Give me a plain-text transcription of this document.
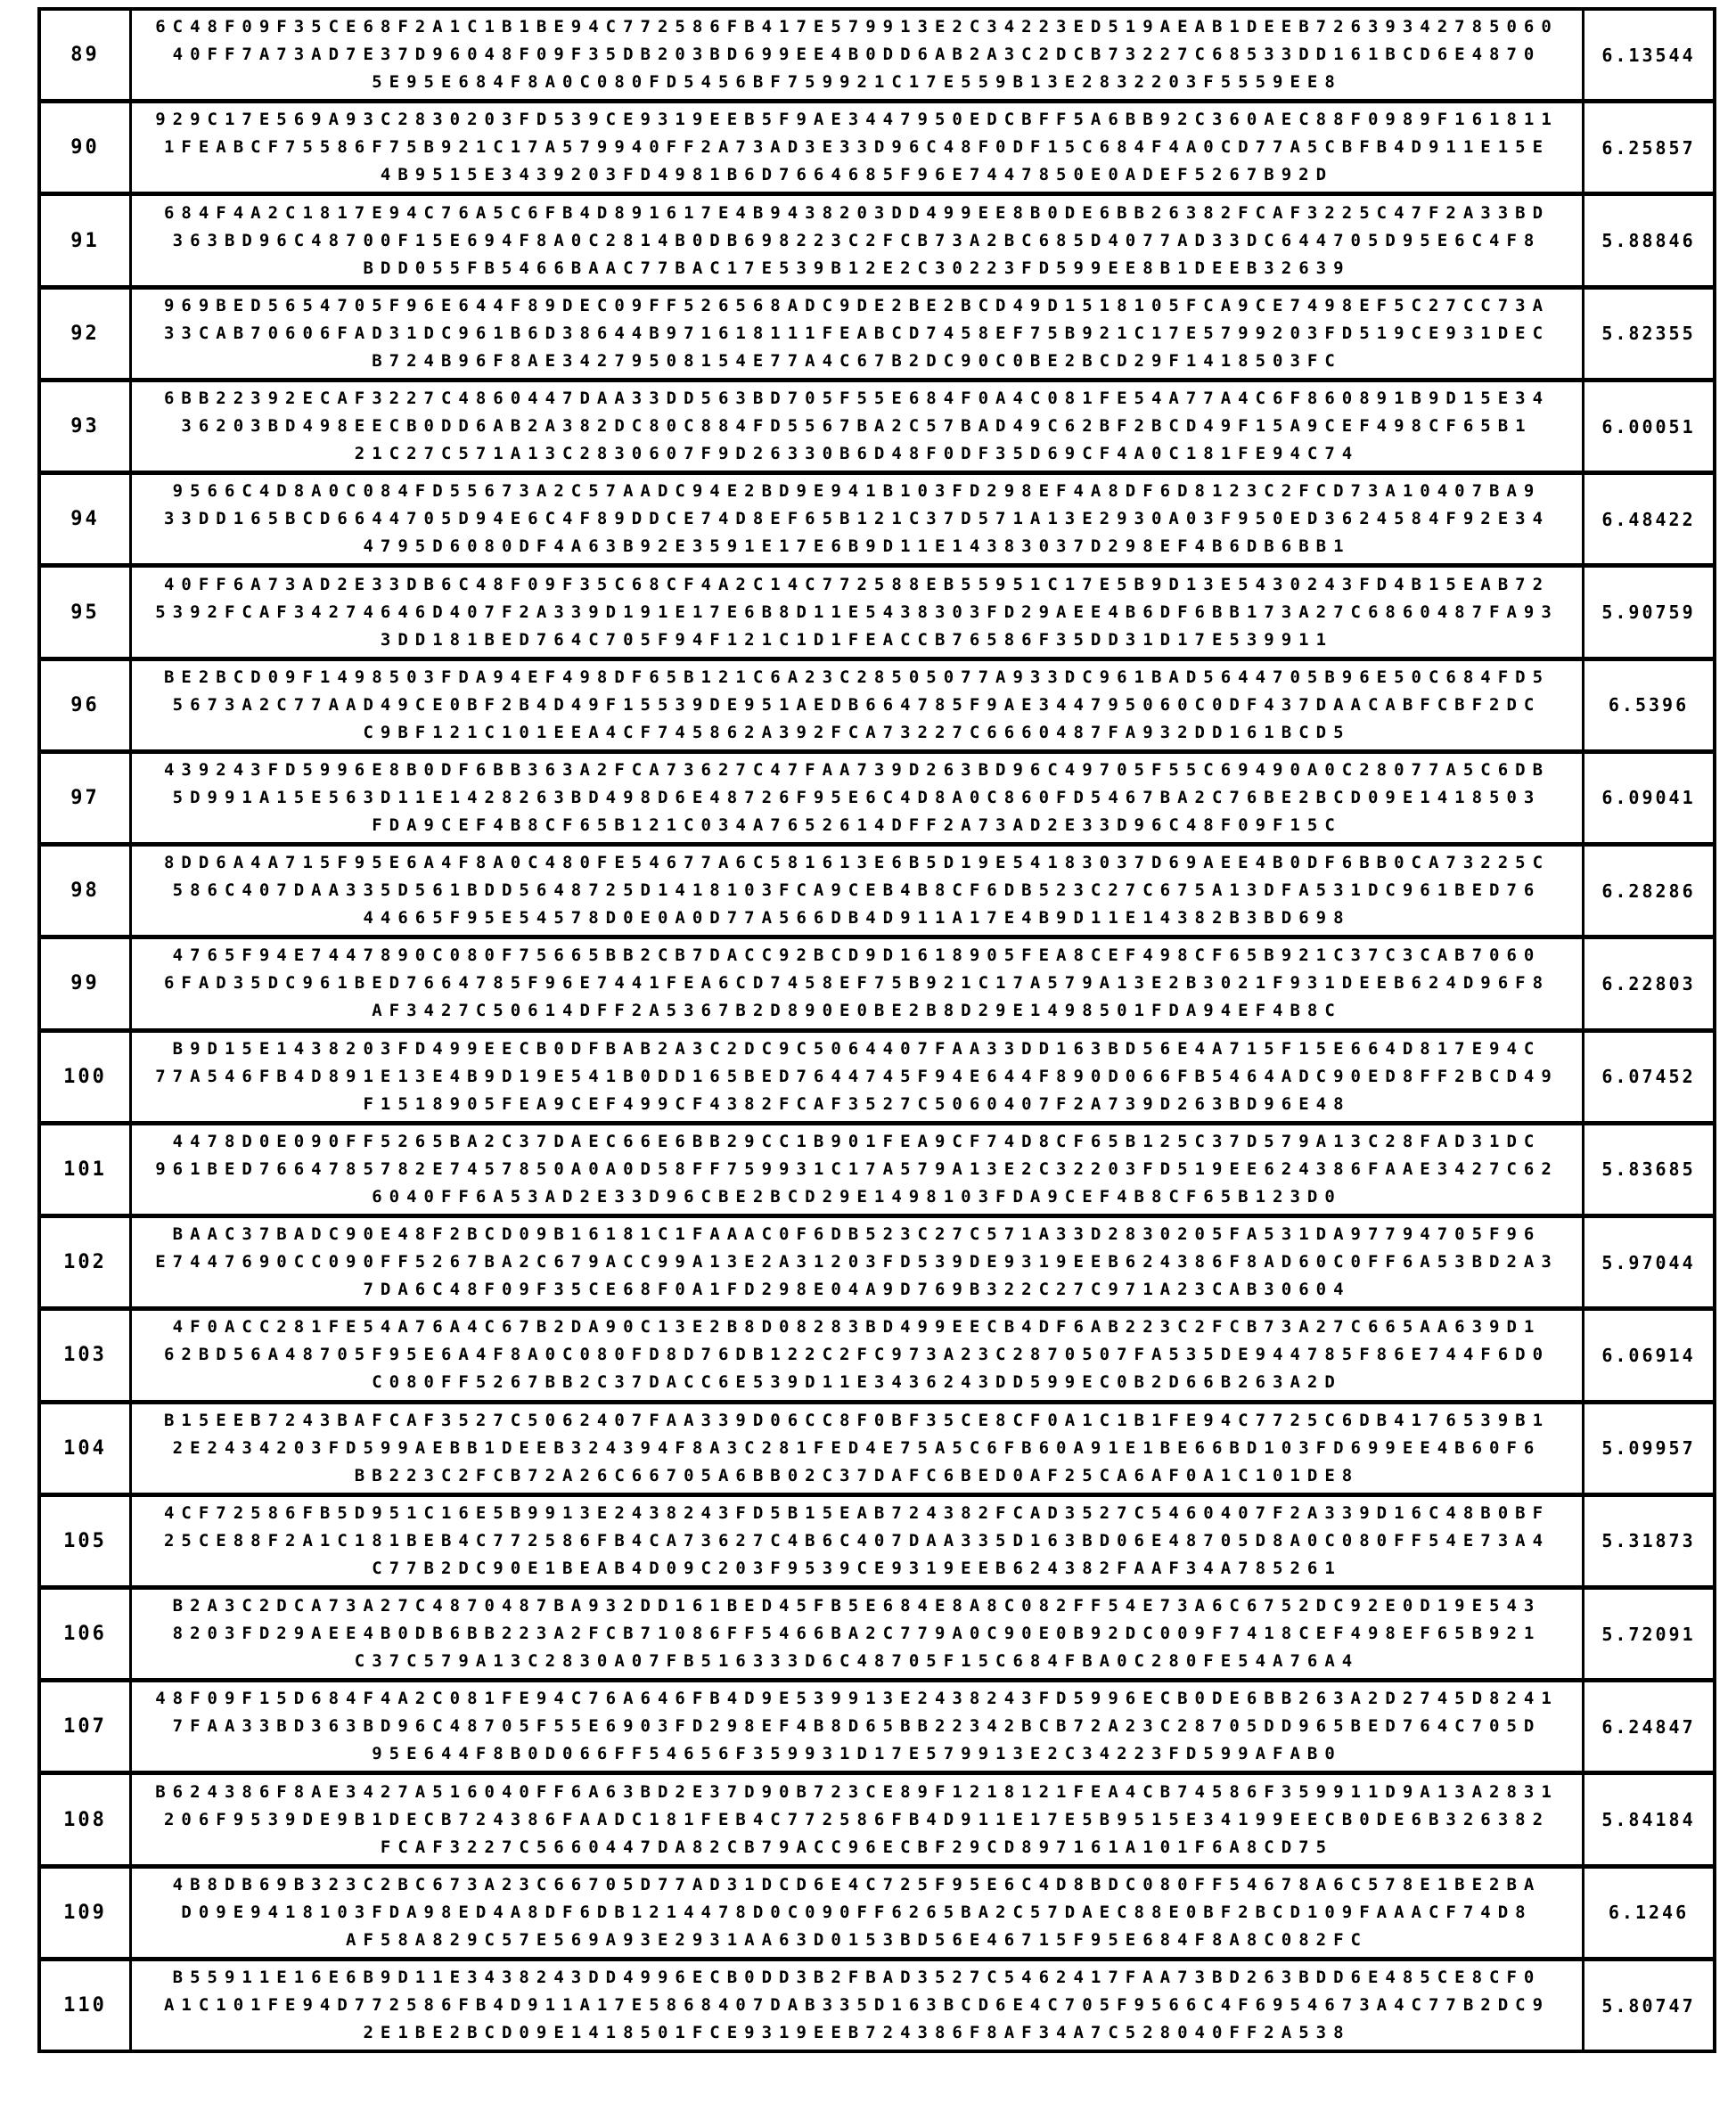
89
6C48F09F35CE68F2A1C1B1BE94C772586FB417E579913E2C34223ED519AEAB1DEEB72639342785060
40FF7A73AD7E37D96048F09F35DB203BD699EE4B0DD6AB2A3C2DCB73227C68533DD161BCD6E4870
5E95E684F8A0C080FD5456BF759921C17E559B13E2832203F5559EE8
6.13544
90
929C17E569A93C2830203FD539CE9319EEB5F9AE3447950EDCBFF5A6BB92C360AEC88F0989F161811
1FEABCF75586F75B921C17A579940FF2A73AD3E33D96C48F0DF15C684F4A0CD77A5CBFB4D911E15E
4B9515E3439203FD4981B6D7664685F96E7447850E0ADEF5267B92D
6.25857
91
684F4A2C1817E94C76A5C6FB4D891617E4B9438203DD499EE8B0DE6BB26382FCAF3225C47F2A33BD
363BD96C48700F15E694F8A0C2814B0DB698223C2FCB73A2BC685D4077AD33DC644705D95E6C4F8
BDD055FB5466BAAC77BAC17E539B12E2C30223FD599EE8B1DEEB32639
5.88846
92
969BED5654705F96E644F89DEC09FF526568ADC9DE2BE2BCD49D1518105FCA9CE7498EF5C27CC73A
33CAB70606FAD31DC961B6D38644B971618111FEABCD7458EF75B921C17E5799203FD519CE931DEC
B724B96F8AE34279508154E77A4C67B2DC90C0BE2BCD29F1418503FC
5.82355
93
6BB22392ECAF3227C4860447DAA33DD563BD705F55E684F0A4C081FE54A77A4C6F860891B9D15E34
36203BD498EECB0DD6AB2A382DC80C884FD5567BA2C57BAD49C62BF2BCD49F15A9CEF498CF65B1
21C27C571A13C2830607F9D26330B6D48F0DF35D69CF4A0C181FE94C74
6.00051
94
9566C4D8A0C084FD55673A2C57AADC94E2BD9E941B103FD298EF4A8DF6D8123C2FCD73A10407BA9
33DD165BCD6644705D94E6C4F89DDCE74D8EF65B121C37D571A13E2930A03F950ED3624584F92E34
4795D6080DF4A63B92E3591E17E6B9D11E14383037D298EF4B6DB6BB1
6.48422
95
40FF6A73AD2E33DB6C48F09F35C68CF4A2C14C772588EB55951C17E5B9D13E5430243FD4B15EAB72
5392FCAF34274646D407F2A339D191E17E6B8D11E5438303FD29AEE4B6DF6BB173A27C6860487FA93
3DD181BED764C705F94F121C1D1FEACCB76586F35DD31D17E539911
5.90759
96
BE2BCD09F1498503FDA94EF498DF65B121C6A23C28505077A933DC961BAD5644705B96E50C684FD5
5673A2C77AAD49CE0BF2B4D49F15539DE951AEDB664785F9AE344795060C0DF437DAACABFCBF2DC
C9BF121C101EEA4CF745862A392FCA73227C6660487FA932DD161BCD5
6.5396
97
439243FD5996E8B0DF6BB363A2FCA73627C47FAA739D263BD96C49705F55C69490A0C28077A5C6DB
5D991A15E563D11E1428263BD498D6E48726F95E6C4D8A0C860FD5467BA2C76BE2BCD09E1418503
FDA9CEF4B8CF65B121C034A7652614DFF2A73AD2E33D96C48F09F15C
6.09041
98
8DD6A4A715F95E6A4F8A0C480FE54677A6C581613E6B5D19E54183037D69AEE4B0DF6BB0CA73225C
586C407DAA335D561BDD5648725D1418103FCA9CEB4B8CF6DB523C27C675A13DFA531DC961BED76
44665F95E54578D0E0A0D77A566DB4D911A17E4B9D11E14382B3BD698
6.28286
99
4765F94E7447890C080F75665BB2CB7DACC92BCD9D1618905FEA8CEF498CF65B921C37C3CAB7060
6FAD35DC961BED7664785F96E7441FEA6CD7458EF75B921C17A579A13E2B3021F931DEEB624D96F8
AF3427C50614DFF2A5367B2D890E0BE2B8D29E1498501FDA94EF4B8C
6.22803
100
B9D15E1438203FD499EECB0DFBAB2A3C2DC9C5064407FAA33DD163BD56E4A715F15E664D817E94C
77A546FB4D891E13E4B9D19E541B0DD165BED7644745F94E644F890D066FB5464ADC90ED8FF2BCD49
F1518905FEA9CEF499CF4382FCAF3527C5060407F2A739D263BD96E48
6.07452
101
4478D0E090FF5265BA2C37DAEC66E6BB29CC1B901FEA9CF74D8CF65B125C37D579A13C28FAD31DC
961BED7664785782E7457850A0A0D58FF759931C17A579A13E2C32203FD519EE624386FAAE3427C62
6040FF6A53AD2E33D96CBE2BCD29E1498103FDA9CEF4B8CF65B123D0
5.83685
102
BAAC37BADC90E48F2BCD09B16181C1FAAAC0F6DB523C27C571A33D2830205FA531DA97794705F96
E7447690CC090FF5267BA2C679ACC99A13E2A31203FD539DE9319EEB624386F8AD60C0FF6A53BD2A3
7DA6C48F09F35CE68F0A1FD298E04A9D769B322C27C971A23CAB30604
5.97044
103
4F0ACC281FE54A76A4C67B2DA90C13E2B8D08283BD499EECB4DF6AB223C2FCB73A27C665AA639D1
62BD56A48705F95E6A4F8A0C080FD8D76DB122C2FC973A23C2870507FA535DE944785F86E744F6D0
C080FF5267BB2C37DACC6E539D11E3436243DD599EC0B2D66B263A2D
6.06914
104
B15EEB7243BAFCAF3527C5062407FAA339D06CC8F0BF35CE8CF0A1C1B1FE94C7725C6DB4176539B1
2E2434203FD599AEBB1DEEB324394F8A3C281FED4E75A5C6FB60A91E1BE66BD103FD699EE4B60F6
BB223C2FCB72A26C66705A6BB02C37DAFC6BED0AF25CA6AF0A1C101DE8
5.09957
105
4CF72586FB5D951C16E5B9913E2438243FD5B15EAB724382FCAD3527C5460407F2A339D16C48B0BF
25CE88F2A1C181BEB4C772586FB4CA73627C4B6C407DAA335D163BD06E48705D8A0C080FF54E73A4
C77B2DC90E1BEAB4D09C203F9539CE9319EEB624382FAAF34A785261
5.31873
106
B2A3C2DCA73A27C4870487BA932DD161BED45FB5E684E8A8C082FF54E73A6C6752DC92E0D19E543
8203FD29AEE4B0DB6BB223A2FCB71086FF5466BA2C779A0C90E0B92DC009F7418CEF498EF65B921
C37C579A13C2830A07FB516333D6C48705F15C684FBA0C280FE54A76A4
5.72091
107
48F09F15D684F4A2C081FE94C76A646FB4D9E539913E2438243FD5996ECB0DE6BB263A2D2745D8241
7FAA33BD363BD96C48705F55E6903FD298EF4B8D65BB22342BCB72A23C28705DD965BED764C705D
95E644F8B0D066FF54656F359931D17E579913E2C34223FD599AFAB0
6.24847
108
B624386F8AE3427A516040FF6A63BD2E37D90B723CE89F1218121FEA4CB74586F359911D9A13A2831
206F9539DE9B1DECB724386FAADC181FEB4C772586FB4D911E17E5B9515E34199EECB0DE6B326382
FCAF3227C5660447DA82CB79ACC96ECBF29CD897161A101F6A8CD75
5.84184
109
4B8DB69B323C2BC673A23C66705D77AD31DCD6E4C725F95E6C4D8BDC080FF54678A6C578E1BE2BA
D09E9418103FDA98ED4A8DF6DB1214478D0C090FF6265BA2C57DAEC88E0BF2BCD109FAAACF74D8
AF58A829C57E569A93E2931AA63D0153BD56E46715F95E684F8A8C082FC
6.1246
110
B55911E16E6B9D11E3438243DD4996ECB0DD3B2FBAD3527C5462417FAA73BD263BDD6E485CE8CF0
A1C101FE94D772586FB4D911A17E5868407DAB335D163BCD6E4C705F9566C4F6954673A4C77B2DC9
2E1BE2BCD09E1418501FCE9319EEB724386F8AF34A7C528040FF2A538
5.80747
